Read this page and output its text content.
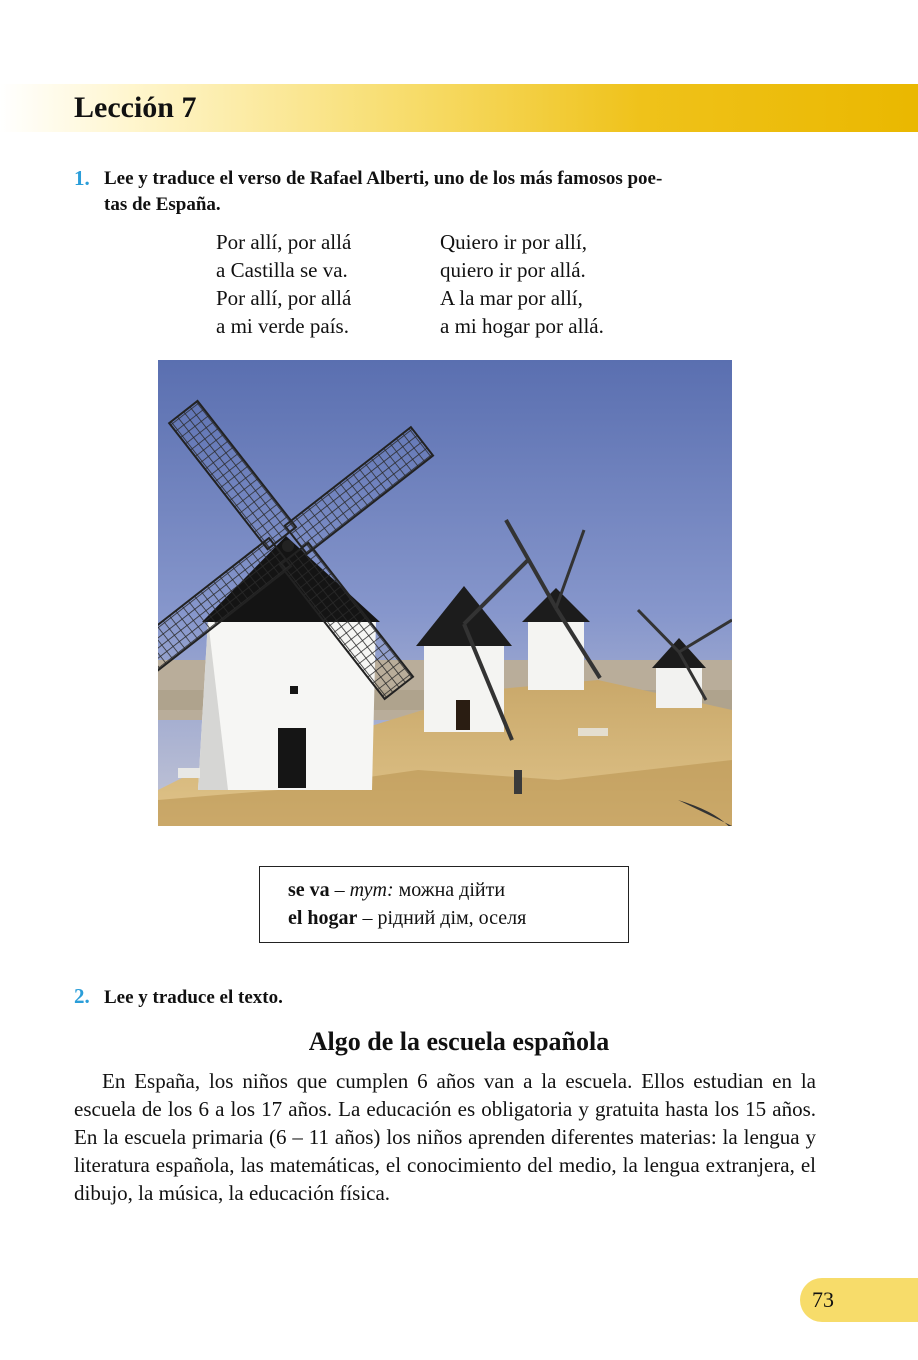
Lección 7
1. Lee y traduce el verso de Rafael Alberti, uno de los más famosos poe-
tas de España.
Por allí, por allá
a Castilla se va.
Por allí, por allá
a mi verde país.
Quiero ir por allí,
quiero ir por allá.
A la mar por allí,
a mi hogar por allá.
se va – тут: можна дійти
el hogar – рідний дім, оселя
2. Lee y traduce el texto.
Algo de la escuela española
En España, los niños que cumplen 6 años van a la escuela. Ellos estudian en la escuela de los 6 a los 17 años. La educación es obligatoria y gratuita hasta los 15 años. En la escuela primaria (6 – 11 años) los niños aprenden diferentes materias: la lengua y literatura española, las matemáticas, el conocimiento del medio, la lengua extranjera, el dibujo, la música, la educación física.
73
